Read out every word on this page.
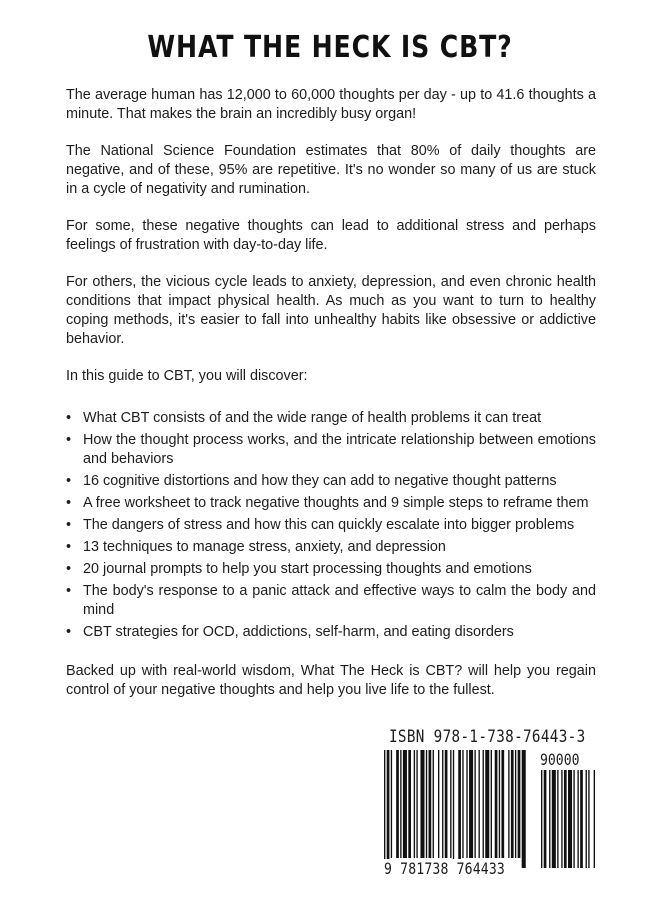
WHAT THE HECK IS CBT?

The average human has 12,000 to 60,000 thoughts per day - up to 41.6 thoughts a minute. That makes the brain an incredibly busy organ!

The National Science Foundation estimates that 80% of daily thoughts are negative, and of these, 95% are repetitive. It's no wonder so many of us are stuck in a cycle of negativity and rumination.

For some, these negative thoughts can lead to additional stress and perhaps feelings of frustration with day-to-day life.

For others, the vicious cycle leads to anxiety, depression, and even chronic health conditions that impact physical health. As much as you want to turn to healthy coping methods, it's easier to fall into unhealthy habits like obsessive or addictive behavior.

In this guide to CBT, you will discover:

• What CBT consists of and the wide range of health problems it can treat
• How the thought process works, and the intricate relationship between emotions and behaviors
• 16 cognitive distortions and how they can add to negative thought patterns
• A free worksheet to track negative thoughts and 9 simple steps to reframe them
• The dangers of stress and how this can quickly escalate into bigger problems
• 13 techniques to manage stress, anxiety, and depression
• 20 journal prompts to help you start processing thoughts and emotions
• The body's response to a panic attack and effective ways to calm the body and mind
• CBT strategies for OCD, addictions, self-harm, and eating disorders

Backed up with real-world wisdom, What The Heck is CBT? will help you regain control of your negative thoughts and help you live life to the fullest.

ISBN 978-1-738-76443-3
9 781738 764433
90000
